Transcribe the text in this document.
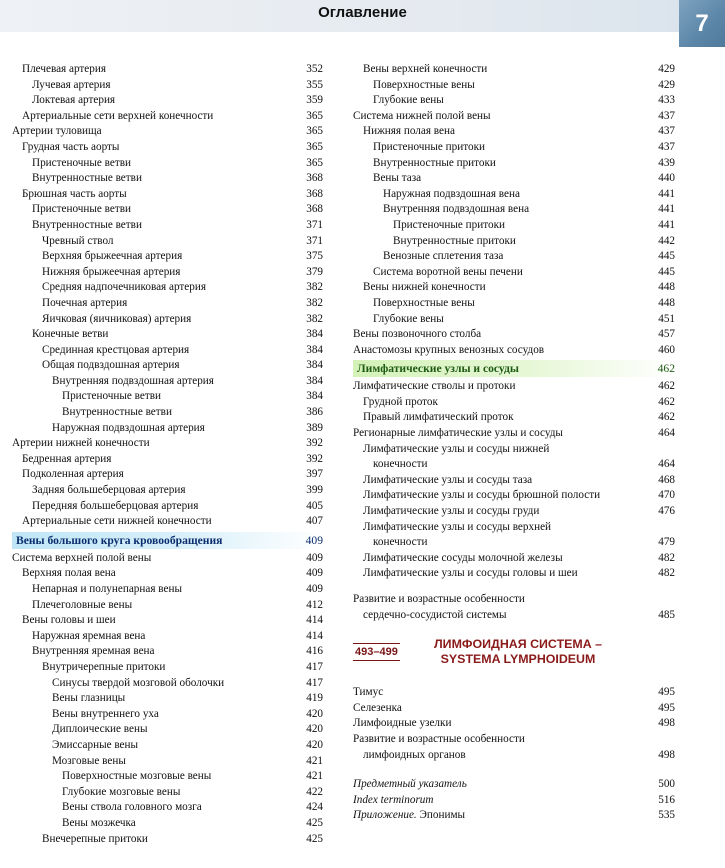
Оглавление	7
Плечевая артерия	352
Лучевая артерия	355
Локтевая артерия	359
Артериальные сети верхней конечности	365
Артерии туловища	365
Грудная часть аорты	365
Пристеночные ветви	365
Внутренностные ветви	368
Брюшная часть аорты	368
Пристеночные ветви	368
Внутренностные ветви	371
Чревный ствол	371
Верхняя брыжеечная артерия	375
Нижняя брыжеечная артерия	379
Средняя надпочечниковая артерия	382
Почечная артерия	382
Яичковая (яичниковая) артерия	382
Конечные ветви	384
Срединная крестцовая артерия	384
Общая подвздошная артерия	384
Внутренняя подвздошная артерия	384
Пристеночные ветви	384
Внутренностные ветви	386
Наружная подвздошная артерия	389
Артерии нижней конечности	392
Бедренная артерия	392
Подколенная артерия	397
Задняя большеберцовая артерия	399
Передняя большеберцовая артерия	405
Артериальные сети нижней конечности	407
Вены большого круга кровообращения	409
Система верхней полой вены	409
Верхняя полая вена	409
Непарная и полунепарная вены	409
Плечеголовные вены	412
Вены головы и шеи	414
Наружная яремная вена	414
Внутренняя яремная вена	416
Внутричерепные притоки	417
Синусы твердой мозговой оболочки	417
Вены глазницы	419
Вены внутреннего уха	420
Диплоические вены	420
Эмиссарные вены	420
Мозговые вены	421
Поверхностные мозговые вены	421
Глубокие мозговые вены	422
Вены ствола головного мозга	424
Вены мозжечка	425
Внечерепные притоки	425
Вены верхней конечности	429
Поверхностные вены	429
Глубокие вены	433
Система нижней полой вены	437
Нижняя полая вена	437
Пристеночные притоки	437
Внутренностные притоки	439
Вены таза	440
Наружная подвздошная вена	441
Внутренняя подвздошная вена	441
Пристеночные притоки	441
Внутренностные притоки	442
Венозные сплетения таза	445
Система воротной вены печени	445
Вены нижней конечности	448
Поверхностные вены	448
Глубокие вены	451
Вены позвоночного столба	457
Анастомозы крупных венозных сосудов	460
Лимфатические узлы и сосуды	462
Лимфатические стволы и протоки	462
Грудной проток	462
Правый лимфатический проток	462
Регионарные лимфатические узлы и сосуды	464
Лимфатические узлы и сосуды нижней
конечности	464
Лимфатические узлы и сосуды таза	468
Лимфатические узлы и сосуды брюшной полости	470
Лимфатические узлы и сосуды груди	476
Лимфатические узлы и сосуды верхней
конечности	479
Лимфатические сосуды молочной железы	482
Лимфатические узлы и сосуды головы и шеи	482
Развитие и возрастные особенности
сердечно-сосудистой системы	485
493–499
ЛИМФОИДНАЯ СИСТЕМА –
SYSTEMA LYMPHOIDEUM
Тимус	495
Селезенка	495
Лимфоидные узелки	498
Развитие и возрастные особенности
лимфоидных органов	498
Предметный указатель	500
Index terminorum	516
Приложение. Эпонимы	535
